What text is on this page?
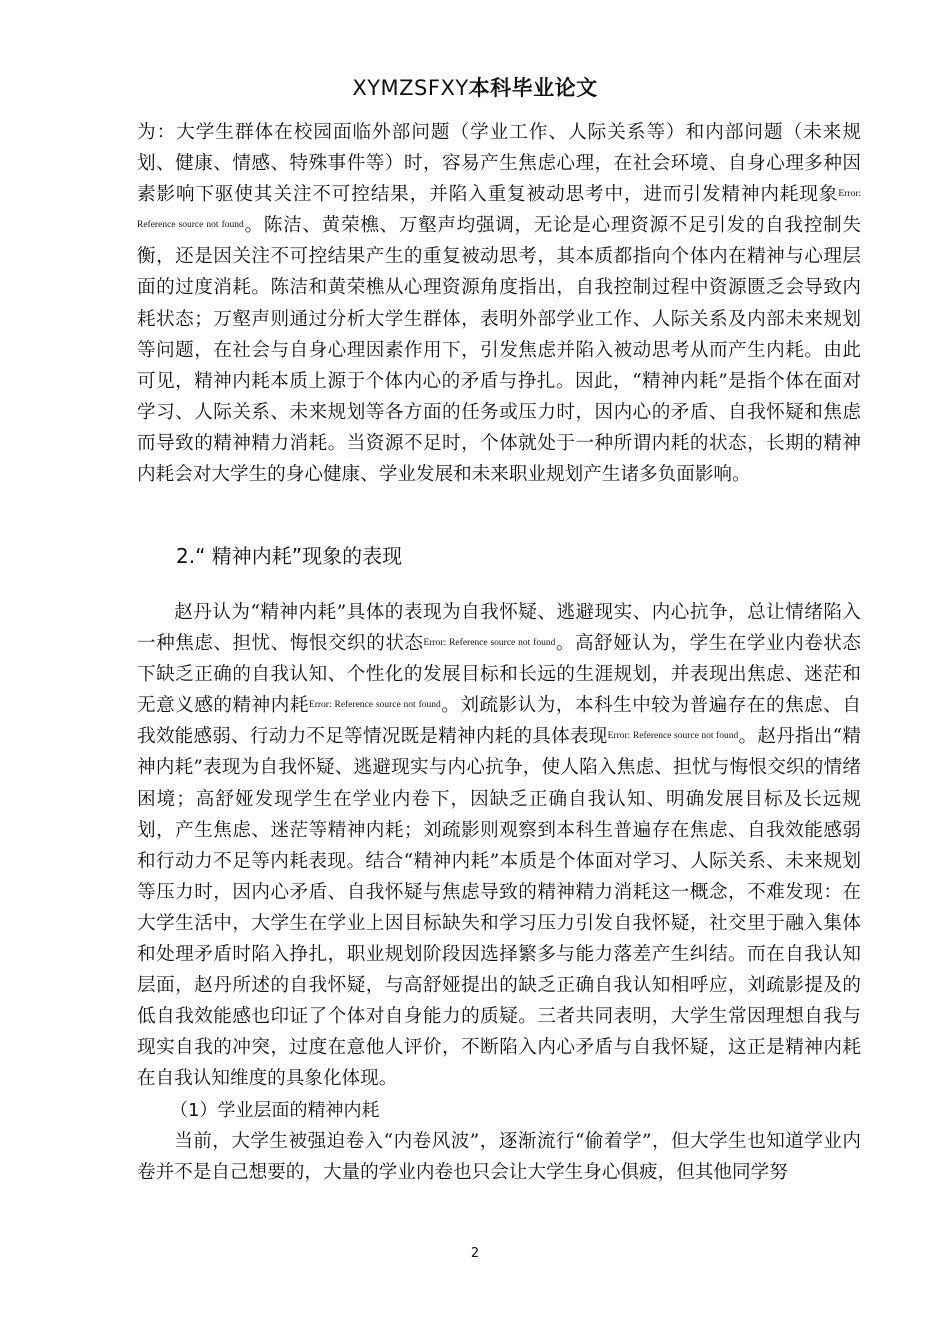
XYMZSFXY本科毕业论文

为：大学生群体在校园面临外部问题（学业工作、人际关系等）和内部问题（未来规划、健康、情感、特殊事件等）时，容易产生焦虑心理，在社会环境、自身心理多种因素影响下驱使其关注不可控结果，并陷入重复被动思考中，进而引发精神内耗现象$^{Error: Reference source not found}$。陈洁、黄荣樵、万壑声均强调，无论是心理资源不足引发的自我控制失衡，还是因关注不可控结果产生的重复被动思考，其本质都指向个体内在精神与心理层面的过度消耗。陈洁和黄荣樵从心理资源角度指出，自我控制过程中资源匮乏会导致内耗状态；万壑声则通过分析大学生群体，表明外部学业工作、人际关系及内部未来规划等问题，在社会与自身心理因素作用下，引发焦虑并陷入被动思考从而产生内耗。由此可见，精神内耗本质上源于个体内心的矛盾与挣扎。因此，“精神内耗”是指个体在面对学习、人际关系、未来规划等各方面的任务或压力时，因内心的矛盾、自我怀疑和焦虑而导致的精神精力消耗。当资源不足时，个体就处于一种所谓内耗的状态，长期的精神内耗会对大学生的身心健康、学业发展和未来职业规划产生诸多负面影响。

2.“ 精神内耗”现象的表现

赵丹认为“精神内耗”具体的表现为自我怀疑、逃避现实、内心抗争，总让情绪陷入一种焦虑、担忧、悔恨交织的状态$^{Error: Reference source not found}$。高舒娅认为，学生在学业内卷状态下缺乏正确的自我认知、个性化的发展目标和长远的生涯规划，并表现出焦虑、迷茫和无意义感的精神内耗$^{Error: Reference source not found}$。刘疏影认为，本科生中较为普遍存在的焦虑、自我效能感弱、行动力不足等情况既是精神内耗的具体表现$^{Error: Reference source not found}$。赵丹指出“精神内耗”表现为自我怀疑、逃避现实与内心抗争，使人陷入焦虑、担忧与悔恨交织的情绪困境；高舒娅发现学生在学业内卷下，因缺乏正确自我认知、明确发展目标及长远规划，产生焦虑、迷茫等精神内耗；刘疏影则观察到本科生普遍存在焦虑、自我效能感弱和行动力不足等内耗表现。结合“精神内耗”本质是个体面对学习、人际关系、未来规划等压力时，因内心矛盾、自我怀疑与焦虑导致的精神精力消耗这一概念，不难发现：在大学生活中，大学生在学业上因目标缺失和学习压力引发自我怀疑，社交里于融入集体和处理矛盾时陷入挣扎，职业规划阶段因选择繁多与能力落差产生纠结。而在自我认知层面，赵丹所述的自我怀疑，与高舒娅提出的缺乏正确自我认知相呼应，刘疏影提及的低自我效能感也印证了个体对自身能力的质疑。三者共同表明，大学生常因理想自我与现实自我的冲突，过度在意他人评价，不断陷入内心矛盾与自我怀疑，这正是精神内耗在自我认知维度的具象化体现。

（1）学业层面的精神内耗

当前，大学生被强迫卷入“内卷风波”，逐渐流行“偷着学”，但大学生也知道学业内卷并不是自己想要的，大量的学业内卷也只会让大学生身心俱疲，但其他同学努

2
